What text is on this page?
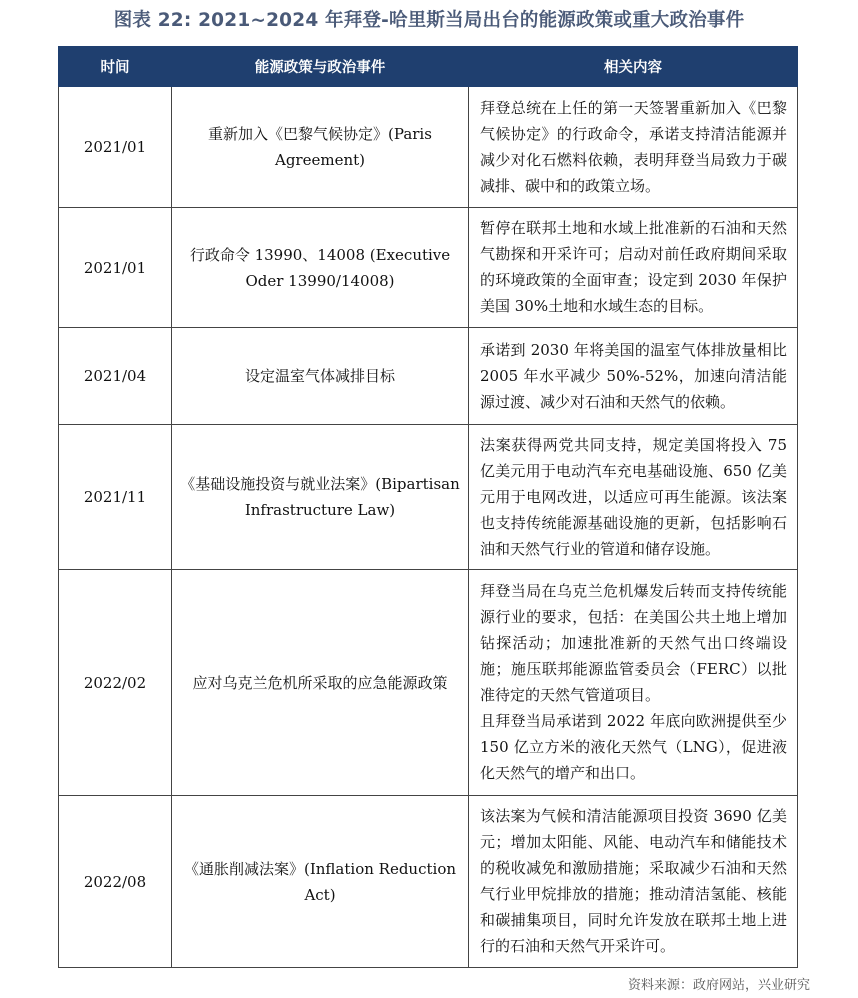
图表 22: 2021~2024 年拜登-哈里斯当局出台的能源政策或重大政治事件
时间	能源政策与政治事件	相关内容
2021/01	重新加入《巴黎气候协定》(Paris Agreement)	拜登总统在上任的第一天签署重新加入《巴黎气候协定》的行政命令，承诺支持清洁能源并减少对化石燃料依赖，表明拜登当局致力于碳减排、碳中和的政策立场。

2021/01	行政命令 13990、14008 (Executive Oder 13990/14008)	暂停在联邦土地和水域上批准新的石油和天然气勘探和开采许可；启动对前任政府期间采取的环境政策的全面审查；设定到 2030 年保护美国 30%土地和水域生态的目标。

2021/04	设定温室气体减排目标	承诺到 2030 年将美国的温室气体排放量相比 2005 年水平减少 50%-52%，加速向清洁能源过渡、减少对石油和天然气的依赖。

2021/11	《基础设施投资与就业法案》(Bipartisan Infrastructure Law)	法案获得两党共同支持，规定美国将投入 75 亿美元用于电动汽车充电基础设施、650 亿美元用于电网改进，以适应可再生能源。该法案也支持传统能源基础设施的更新，包括影响石油和天然气行业的管道和储存设施。

2022/02	应对乌克兰危机所采取的应急能源政策	拜登当局在乌克兰危机爆发后转而支持传统能源行业的要求，包括：在美国公共土地上增加钻探活动；加速批准新的天然气出口终端设施；施压联邦能源监管委员会（FERC）以批准待定的天然气管道项目。
且拜登当局承诺到 2022 年底向欧洲提供至少 150 亿立方米的液化天然气（LNG），促进液化天然气的增产和出口。

2022/08	《通胀削减法案》(Inflation Reduction Act)	该法案为气候和清洁能源项目投资 3690 亿美元；增加太阳能、风能、电动汽车和储能技术的税收减免和激励措施；采取减少石油和天然气行业甲烷排放的措施；推动清洁氢能、核能和碳捕集项目，同时允许发放在联邦土地上进行的石油和天然气开采许可。
资料来源：政府网站，兴业研究
